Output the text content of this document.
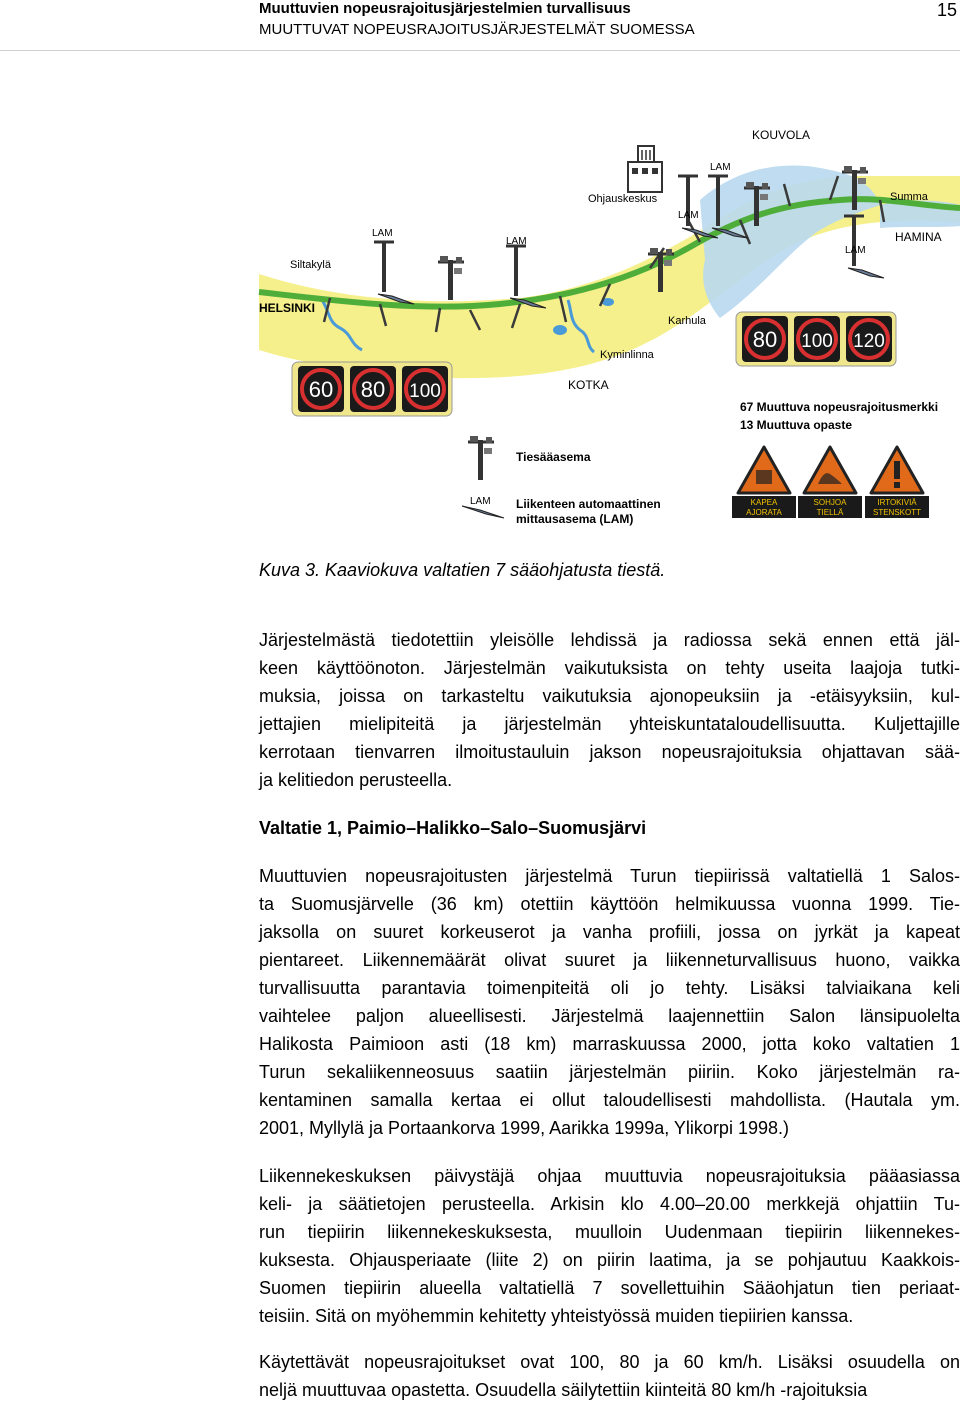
Muuttuvien nopeusrajoitusjärjestelmien turvallisuus
MUUTTUVAT NOPEUSRAJOITUSJÄRJESTELMÄT SUOMESSA
15
KOUVOLA
Summa
HAMINA
Siltakylä
HELSINKI
Karhula
Kyminlinna
KOTKA
Ohjauskeskus
LAM
LAM
LAM
LAM
LAM
60 80 100
80 100 120
67 Muuttuva nopeusrajoitusmerkki
13 Muuttuva opaste
Tiesääasema
LAM Liikenteen automaattinen
mittausasema (LAM)
KAPEA
AJORATA
SOHJOA
TIELLÄ
IRTOKIVIÄ
STENSKOTT
Kuva 3. Kaaviokuva valtatien 7 sääohjatusta tiestä.
Järjestelmästä tiedotettiin yleisölle lehdissä ja radiossa sekä ennen että jäl-
keen käyttöönoton. Järjestelmän vaikutuksista on tehty useita laajoja tutki-
muksia, joissa on tarkasteltu vaikutuksia ajonopeuksiin ja -etäisyyksiin, kul-
jettajien mielipiteitä ja järjestelmän yhteiskuntataloudellisuutta. Kuljettajille
kerrotaan tienvarren ilmoitustauluin jakson nopeusrajoituksia ohjattavan sää-
ja kelitiedon perusteella.
Valtatie 1, Paimio–Halikko–Salo–Suomusjärvi
Muuttuvien nopeusrajoitusten järjestelmä Turun tiepiirissä valtatiellä 1 Salos-
ta Suomusjärvelle (36 km) otettiin käyttöön helmikuussa vuonna 1999. Tie-
jaksolla on suuret korkeuserot ja vanha profiili, jossa on jyrkät ja kapeat
pientareet. Liikennemäärät olivat suuret ja liikenneturvallisuus huono, vaikka
turvallisuutta parantavia toimenpiteitä oli jo tehty. Lisäksi talviaikana keli
vaihtelee paljon alueellisesti. Järjestelmä laajennettiin Salon länsipuolelta
Halikosta Paimioon asti (18 km) marraskuussa 2000, jotta koko valtatien 1
Turun sekaliikenneosuus saatiin järjestelmän piiriin. Koko järjestelmän ra-
kentaminen samalla kertaa ei ollut taloudellisesti mahdollista. (Hautala ym.
2001, Myllylä ja Portaankorva 1999, Aarikka 1999a, Ylikorpi 1998.)
Liikennekeskuksen päivystäjä ohjaa muuttuvia nopeusrajoituksia pääasiassa
keli- ja säätietojen perusteella. Arkisin klo 4.00–20.00 merkkejä ohjattiin Tu-
run tiepiirin liikennekeskuksesta, muulloin Uudenmaan tiepiirin liikennekes-
kuksesta. Ohjausperiaate (liite 2) on piirin laatima, ja se pohjautuu Kaakkois-
Suomen tiepiirin alueella valtatiellä 7 sovellettuihin Sääohjatun tien periaat-
teisiin. Sitä on myöhemmin kehitetty yhteistyössä muiden tiepiirien kanssa.
Käytettävät nopeusrajoitukset ovat 100, 80 ja 60 km/h. Lisäksi osuudella on
neljä muuttuvaa opastetta. Osuudella säilytettiin kiinteitä 80 km/h -rajoituksia
